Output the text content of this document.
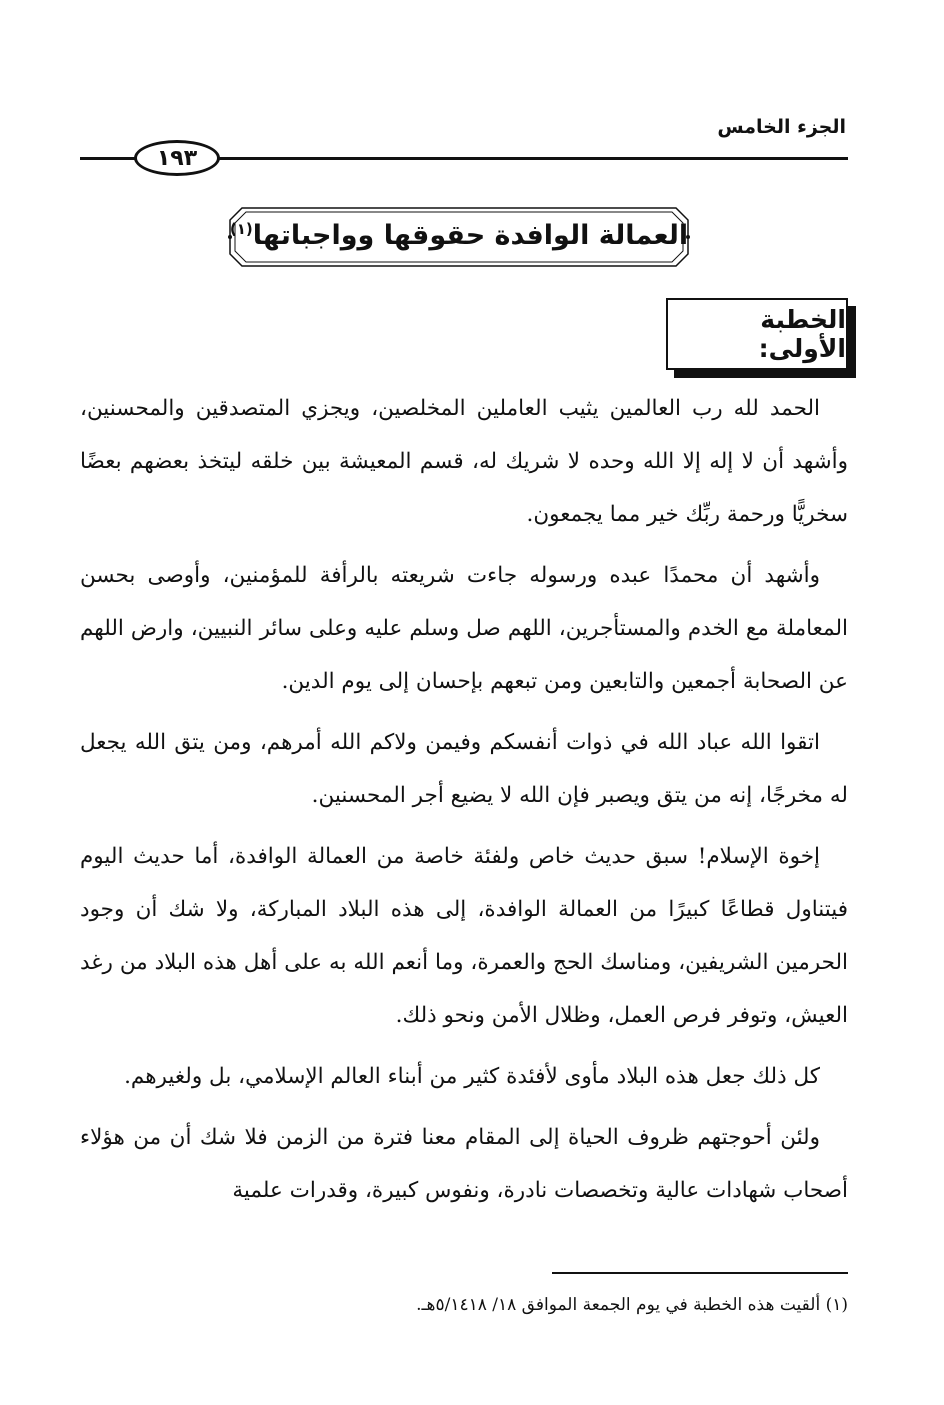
الجزء الخامس
١٩٣
العمالة الوافدة حقوقها وواجباتها$^{(١)}$
الخطبة الأولى:

الحمد لله رب العالمين يثيب العاملين المخلصين، ويجزي المتصدقين والمحسنين، وأشهد أن لا إله إلا الله وحده لا شريك له، قسم المعيشة بين خلقه ليتخذ بعضهم بعضًا سخريًّا ورحمة ربِّك خير مما يجمعون.

وأشهد أن محمدًا عبده ورسوله جاءت شريعته بالرأفة للمؤمنين، وأوصى بحسن المعاملة مع الخدم والمستأجرين، اللهم صل وسلم عليه وعلى سائر النبيين، وارض اللهم عن الصحابة أجمعين والتابعين ومن تبعهم بإحسان إلى يوم الدين.

اتقوا الله عباد الله في ذوات أنفسكم وفيمن ولاكم الله أمرهم، ومن يتق الله يجعل له مخرجًا، إنه من يتق ويصبر فإن الله لا يضيع أجر المحسنين.

إخوة الإسلام! سبق حديث خاص ولفئة خاصة من العمالة الوافدة، أما حديث اليوم فيتناول قطاعًا كبيرًا من العمالة الوافدة، إلى هذه البلاد المباركة، ولا شك أن وجود الحرمين الشريفين، ومناسك الحج والعمرة، وما أنعم الله به على أهل هذه البلاد من رغد العيش، وتوفر فرص العمل، وظلال الأمن ونحو ذلك.

كل ذلك جعل هذه البلاد مأوى لأفئدة كثير من أبناء العالم الإسلامي، بل ولغيرهم.

ولئن أحوجتهم ظروف الحياة إلى المقام معنا فترة من الزمن فلا شك أن من هؤلاء أصحاب شهادات عالية وتخصصات نادرة، ونفوس كبيرة، وقدرات علمية

(١) ألقيت هذه الخطبة في يوم الجمعة الموافق ١٨/ ٥/١٤١٨هـ.
